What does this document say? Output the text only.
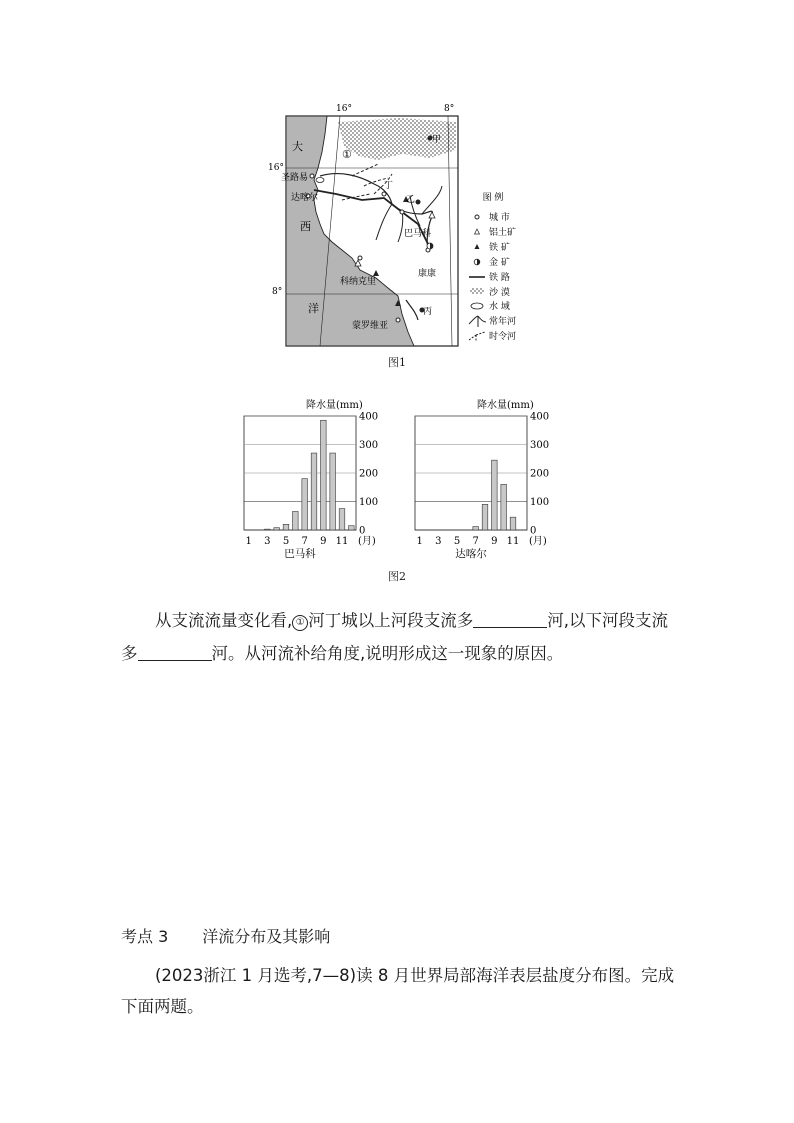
图 例
城 市
铝土矿
铁 矿
金 矿
铁 路
沙 漠
水 域
常年河
时令河
16°	8°
16°
8°
大
西
洋
甲
乙
丙
丁
圣路易
达喀尔
巴马科
科纳克里
康康
蒙罗维亚
①
图1
降水量(mm)
0
100
200
300
400
1 3 5 7 9 11 (月)
巴马科
降水量(mm)
0
100
200
300
400
1 3 5 7 9 11 (月)
达喀尔
图2
从支流流量变化看, ① 河丁城以上河段支流多	河,以下河段支流多	河。从河流补给角度,说明形成这一现象的原因。
考点 3 洋流分布及其影响
(2023浙江 1 月选考,7—8)读 8 月世界局部海洋表层盐度分布图。完成下面两题。
